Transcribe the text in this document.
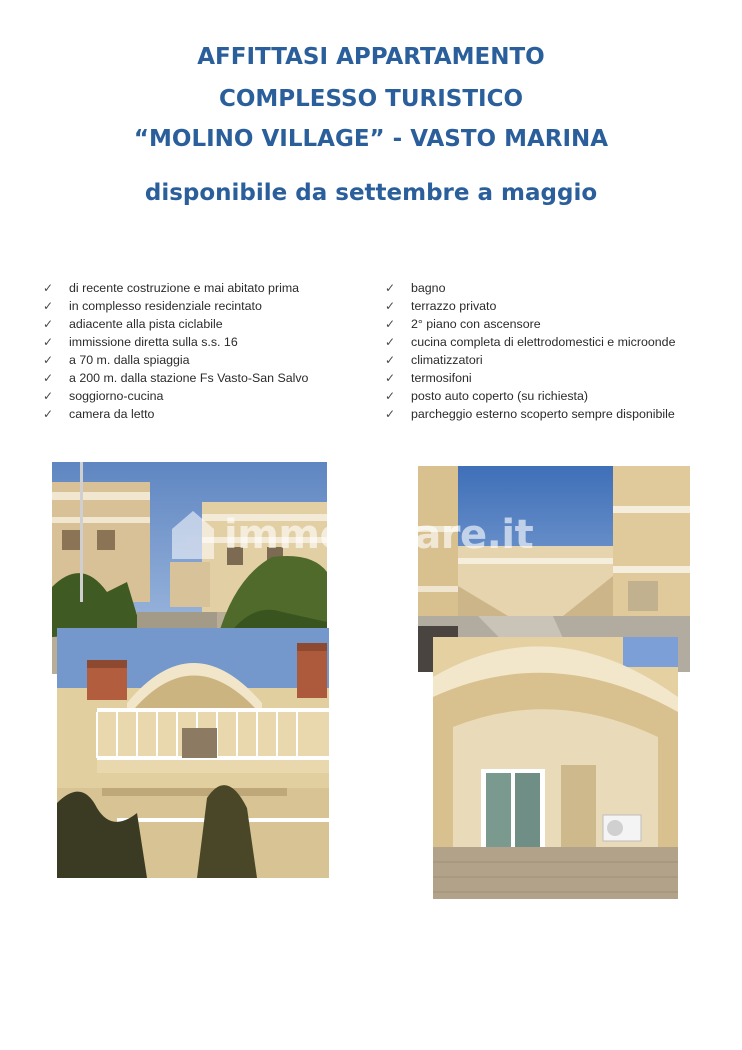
AFFITTASI APPARTAMENTO
COMPLESSO TURISTICO
“MOLINO VILLAGE” - VASTO MARINA
disponibile da settembre a maggio
✓	di recente costruzione e mai abitato prima
✓	in complesso residenziale recintato
✓	adiacente alla pista ciclabile
✓	immissione diretta sulla s.s. 16
✓	a 70 m. dalla spiaggia
✓	a 200 m. dalla stazione Fs Vasto-San Salvo
✓	soggiorno-cucina
✓	camera da letto
✓	bagno
✓	terrazzo privato
✓	2° piano con ascensore
✓	cucina completa di elettrodomestici e microonde
✓	climatizzatori
✓	termosifoni
✓	posto auto coperto (su richiesta)
✓	parcheggio esterno scoperto sempre disponibile
immobiliare.it
